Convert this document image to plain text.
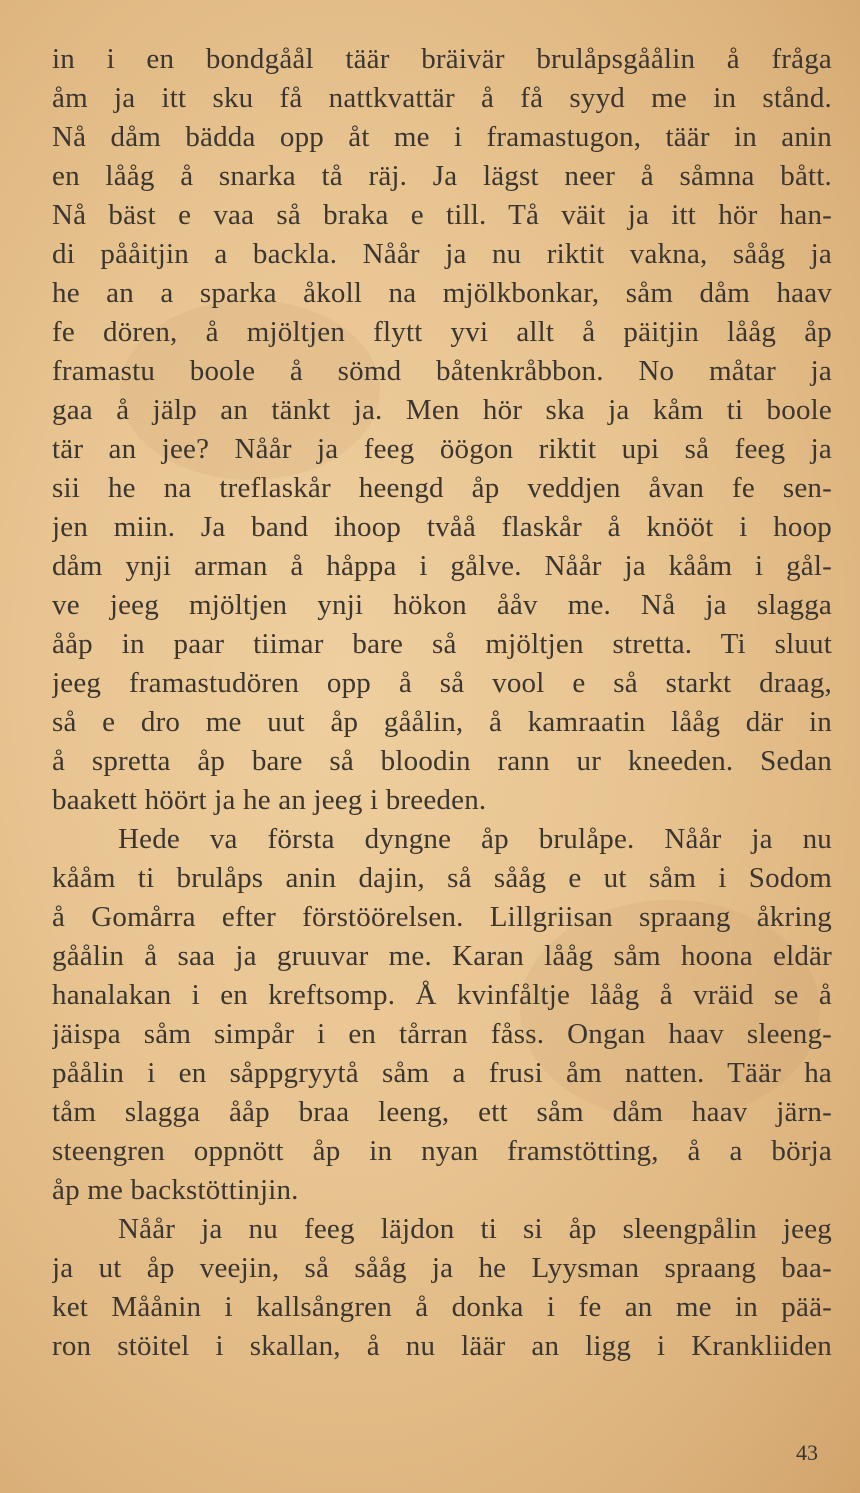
in i en bondgåål täär bräivär brulåpsgåålin å fråga
åm ja itt sku få nattkvattär å få syyd me in stånd.
Nå dåm bädda opp åt me i framastugon, täär in anin
en lååg å snarka tå räj. Ja lägst neer å såmna bått.
Nå bäst e vaa så braka e till. Tå väit ja itt hör han-
di pååitjin a backla. Nåår ja nu riktit vakna, sååg ja
he an a sparka åkoll na mjölkbonkar, såm dåm haav
fe dören, å mjöltjen flytt yvi allt å päitjin lååg åp
framastu boole å sömd båtenkråbbon. No måtar ja
gaa å jälp an tänkt ja. Men hör ska ja kåm ti boole
tär an jee? Nåår ja feeg öögon riktit upi så feeg ja
sii he na treflaskår heengd åp veddjen åvan fe sen-
jen miin. Ja band ihoop tvåå flaskår å knööt i hoop
dåm ynji arman å håppa i gålve. Nåår ja kååm i gål-
ve jeeg mjöltjen ynji hökon ååv me. Nå ja slagga
ååp in paar tiimar bare så mjöltjen stretta. Ti sluut
jeeg framastudören opp å så vool e så starkt draag,
så e dro me uut åp gåålin, å kamraatin lååg där in
å spretta åp bare så bloodin rann ur kneeden. Sedan
baakett höört ja he an jeeg i breeden.
Hede va första dyngne åp brulåpe. Nåår ja nu
kååm ti brulåps anin dajin, så sååg e ut såm i Sodom
å Gomårra efter förstöörelsen. Lillgriisan spraang åkring
gåålin å saa ja gruuvar me. Karan lååg såm hoona eldär
hanalakan i en kreftsomp. Å kvinfåltje lååg å vräid se å
jäispa såm simpår i en tårran fåss. Ongan haav sleeng-
påålin i en såppgryytå såm a frusi åm natten. Täär ha
tåm slagga ååp braa leeng, ett såm dåm haav järn-
steengren oppnött åp in nyan framstötting, å a börja
åp me backstöttinjin.
Nåår ja nu feeg läjdon ti si åp sleengpålin jeeg
ja ut åp veejin, så sååg ja he Lyysman spraang baa-
ket Måånin i kallsångren å donka i fe an me in pää-
ron stöitel i skallan, å nu läär an ligg i Krankliiden
43
